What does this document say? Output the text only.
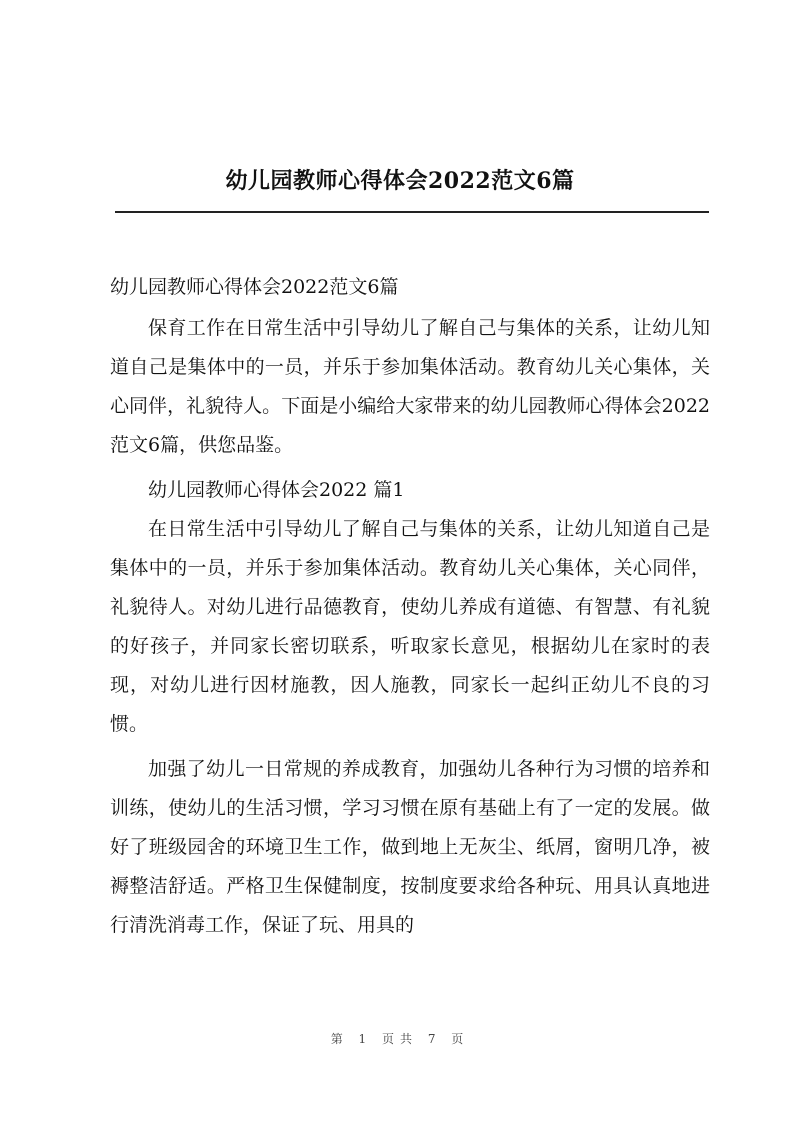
幼儿园教师心得体会2022范文6篇

幼儿园教师心得体会2022范文6篇

保育工作在日常生活中引导幼儿了解自己与集体的关系，让幼儿知道自己是集体中的一员，并乐于参加集体活动。教育幼儿关心集体，关心同伴，礼貌待人。下面是小编给大家带来的幼儿园教师心得体会2022范文6篇，供您品鉴。

幼儿园教师心得体会2022 篇1

在日常生活中引导幼儿了解自己与集体的关系，让幼儿知道自己是集体中的一员，并乐于参加集体活动。教育幼儿关心集体，关心同伴，礼貌待人。对幼儿进行品德教育，使幼儿养成有道德、有智慧、有礼貌的好孩子，并同家长密切联系，听取家长意见，根据幼儿在家时的表现，对幼儿进行因材施教，因人施教，同家长一起纠正幼儿不良的习惯。

加强了幼儿一日常规的养成教育，加强幼儿各种行为习惯的培养和训练，使幼儿的生活习惯，学习习惯在原有基础上有了一定的发展。做好了班级园舍的环境卫生工作，做到地上无灰尘、纸屑，窗明几净，被褥整洁舒适。严格卫生保健制度，按制度要求给各种玩、用具认真地进行清洗消毒工作，保证了玩、用具的

第 1 页共 7 页
